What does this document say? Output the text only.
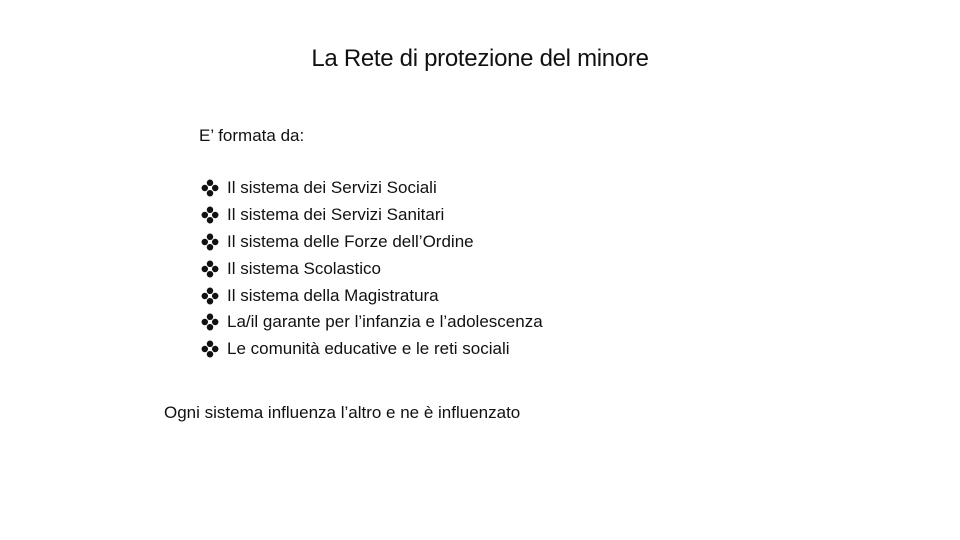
La Rete di protezione del minore
E’ formata da:
Il sistema dei Servizi Sociali
Il sistema dei Servizi Sanitari
Il sistema delle Forze dell’Ordine
Il sistema Scolastico
Il sistema della Magistratura
La/il garante per l’infanzia e l’adolescenza
Le comunità educative e le reti sociali
Ogni sistema influenza l’altro e ne è influenzato
